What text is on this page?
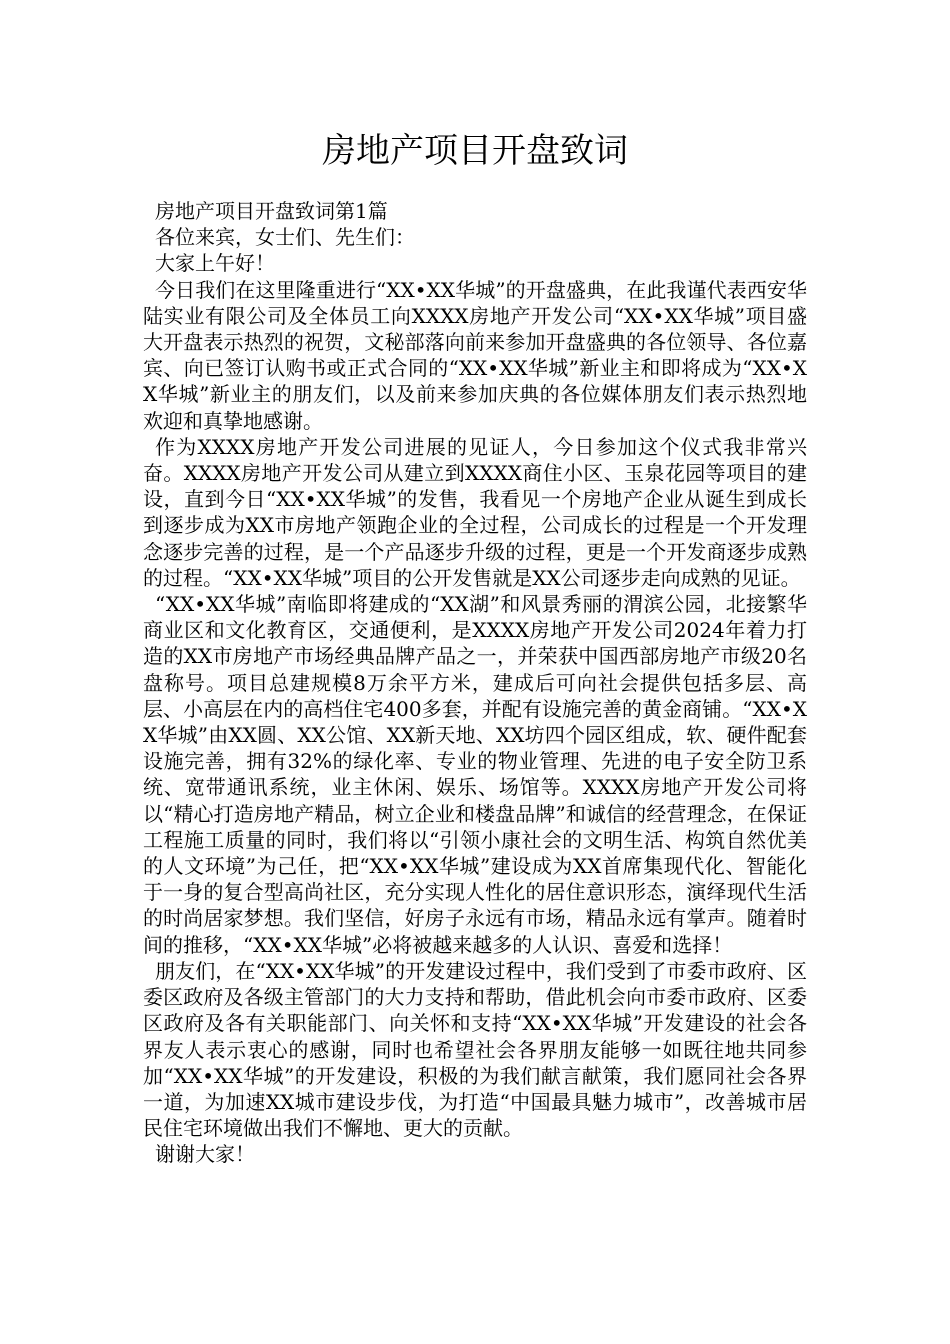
房地产项目开盘致词

房地产项目开盘致词第1篇

各位来宾，女士们、先生们：

大家上午好！

今日我们在这里隆重进行“XX•XX华城”的开盘盛典，在此我谨代表西安华陆实业有限公司及全体员工向XXXX房地产开发公司“XX•XX华城”项目盛大开盘表示热烈的祝贺，文秘部落向前来参加开盘盛典的各位领导、各位嘉宾、向已签订认购书或正式合同的“XX•XX华城”新业主和即将成为“XX•XX华城”新业主的朋友们，以及前来参加庆典的各位媒体朋友们表示热烈地欢迎和真挚地感谢。

作为XXXX房地产开发公司进展的见证人，今日参加这个仪式我非常兴奋。XXXX房地产开发公司从建立到XXXX商住小区、玉泉花园等项目的建设，直到今日“XX•XX华城”的发售，我看见一个房地产企业从诞生到成长到逐步成为XX市房地产领跑企业的全过程，公司成长的过程是一个开发理念逐步完善的过程，是一个产品逐步升级的过程，更是一个开发商逐步成熟的过程。“XX•XX华城”项目的公开发售就是XX公司逐步走向成熟的见证。

“XX•XX华城”南临即将建成的“XX湖”和风景秀丽的渭滨公园，北接繁华商业区和文化教育区，交通便利，是XXXX房地产开发公司2024年着力打造的XX市房地产市场经典品牌产品之一，并荣获中国西部房地产市级20名盘称号。项目总建规模8万余平方米，建成后可向社会提供包括多层、高层、小高层在内的高档住宅400多套，并配有设施完善的黄金商铺。“XX•XX华城”由XX圆、XX公馆、XX新天地、XX坊四个园区组成，软、硬件配套设施完善，拥有32%的绿化率、专业的物业管理、先进的电子安全防卫系统、宽带通讯系统，业主休闲、娱乐、场馆等。XXXX房地产开发公司将以“精心打造房地产精品，树立企业和楼盘品牌”和诚信的经营理念，在保证工程施工质量的同时，我们将以“引领小康社会的文明生活、构筑自然优美的人文环境”为己任，把“XX•XX华城”建设成为XX首席集现代化、智能化于一身的复合型高尚社区，充分实现人性化的居住意识形态，演绎现代生活的时尚居家梦想。我们坚信，好房子永远有市场，精品永远有掌声。随着时间的推移，“XX•XX华城”必将被越来越多的人认识、喜爱和选择！

朋友们，在“XX•XX华城”的开发建设过程中，我们受到了市委市政府、区委区政府及各级主管部门的大力支持和帮助，借此机会向市委市政府、区委区政府及各有关职能部门、向关怀和支持“XX•XX华城”开发建设的社会各界友人表示衷心的感谢，同时也希望社会各界朋友能够一如既往地共同参加“XX•XX华城”的开发建设，积极的为我们献言献策，我们愿同社会各界一道，为加速XX城市建设步伐，为打造“中国最具魅力城市”，改善城市居民住宅环境做出我们不懈地、更大的贡献。

谢谢大家！
